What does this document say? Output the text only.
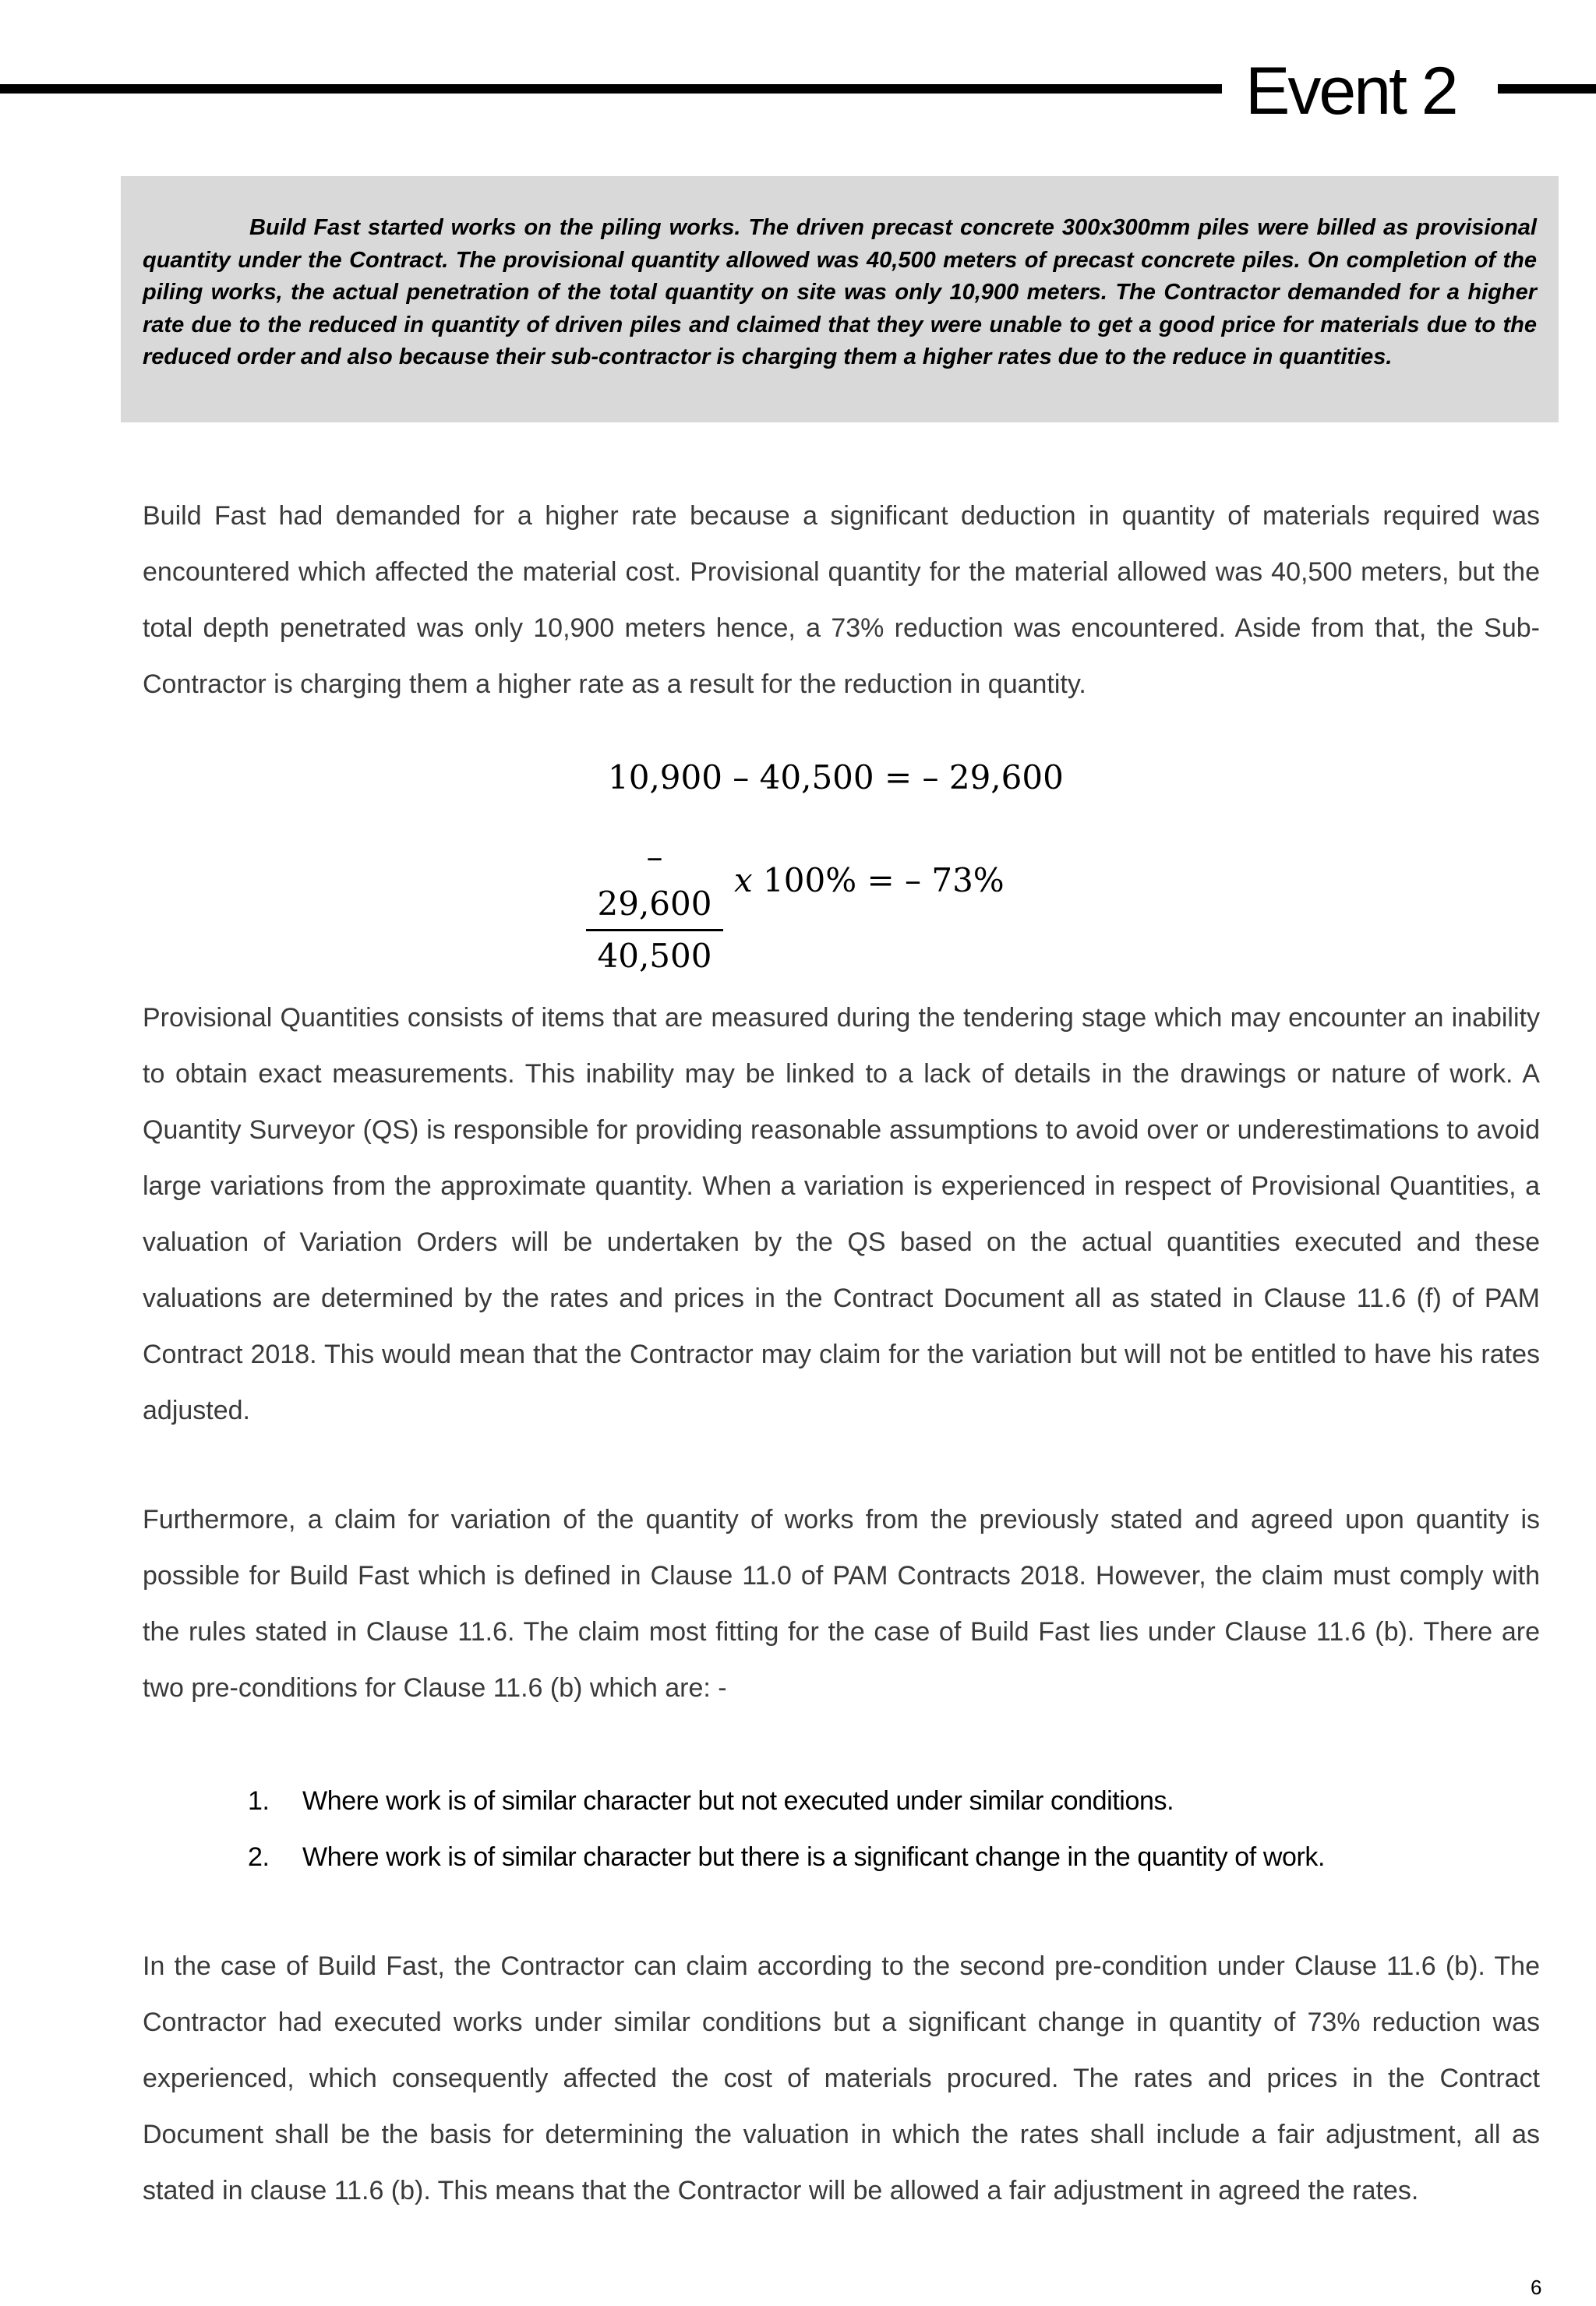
Event 2

Build Fast started works on the piling works. The driven precast concrete 300x300mm piles were billed as provisional quantity under the Contract. The provisional quantity allowed was 40,500 meters of precast concrete piles. On completion of the piling works, the actual penetration of the total quantity on site was only 10,900 meters. The Contractor demanded for a higher rate due to the reduced in quantity of driven piles and claimed that they were unable to get a good price for materials due to the reduced order and also because their sub-contractor is charging them a higher rates due to the reduce in quantities.

Build Fast had demanded for a higher rate because a significant deduction in quantity of materials required was encountered which affected the material cost. Provisional quantity for the material allowed was 40,500 meters, but the total depth penetrated was only 10,900 meters hence, a 73% reduction was encountered. Aside from that, the Sub-Contractor is charging them a higher rate as a result for the reduction in quantity.

10,900 – 40,500 = – 29,600
– 29,600
40,500
x 100% = – 73%

Provisional Quantities consists of items that are measured during the tendering stage which may encounter an inability to obtain exact measurements. This inability may be linked to a lack of details in the drawings or nature of work. A Quantity Surveyor (QS) is responsible for providing reasonable assumptions to avoid over or underestimations to avoid large variations from the approximate quantity. When a variation is experienced in respect of Provisional Quantities, a valuation of Variation Orders will be undertaken by the QS based on the actual quantities executed and these valuations are determined by the rates and prices in the Contract Document all as stated in Clause 11.6 (f) of PAM Contract 2018. This would mean that the Contractor may claim for the variation but will not be entitled to have his rates adjusted.

Furthermore, a claim for variation of the quantity of works from the previously stated and agreed upon quantity is possible for Build Fast which is defined in Clause 11.0 of PAM Contracts 2018. However, the claim must comply with the rules stated in Clause 11.6. The claim most fitting for the case of Build Fast lies under Clause 11.6 (b). There are two pre-conditions for Clause 11.6 (b) which are: -

1. Where work is of similar character but not executed under similar conditions.
2. Where work is of similar character but there is a significant change in the quantity of work.

In the case of Build Fast, the Contractor can claim according to the second pre-condition under Clause 11.6 (b). The Contractor had executed works under similar conditions but a significant change in quantity of 73% reduction was experienced, which consequently affected the cost of materials procured. The rates and prices in the Contract Document shall be the basis for determining the valuation in which the rates shall include a fair adjustment, all as stated in clause 11.6 (b). This means that the Contractor will be allowed a fair adjustment in agreed the rates.

6
